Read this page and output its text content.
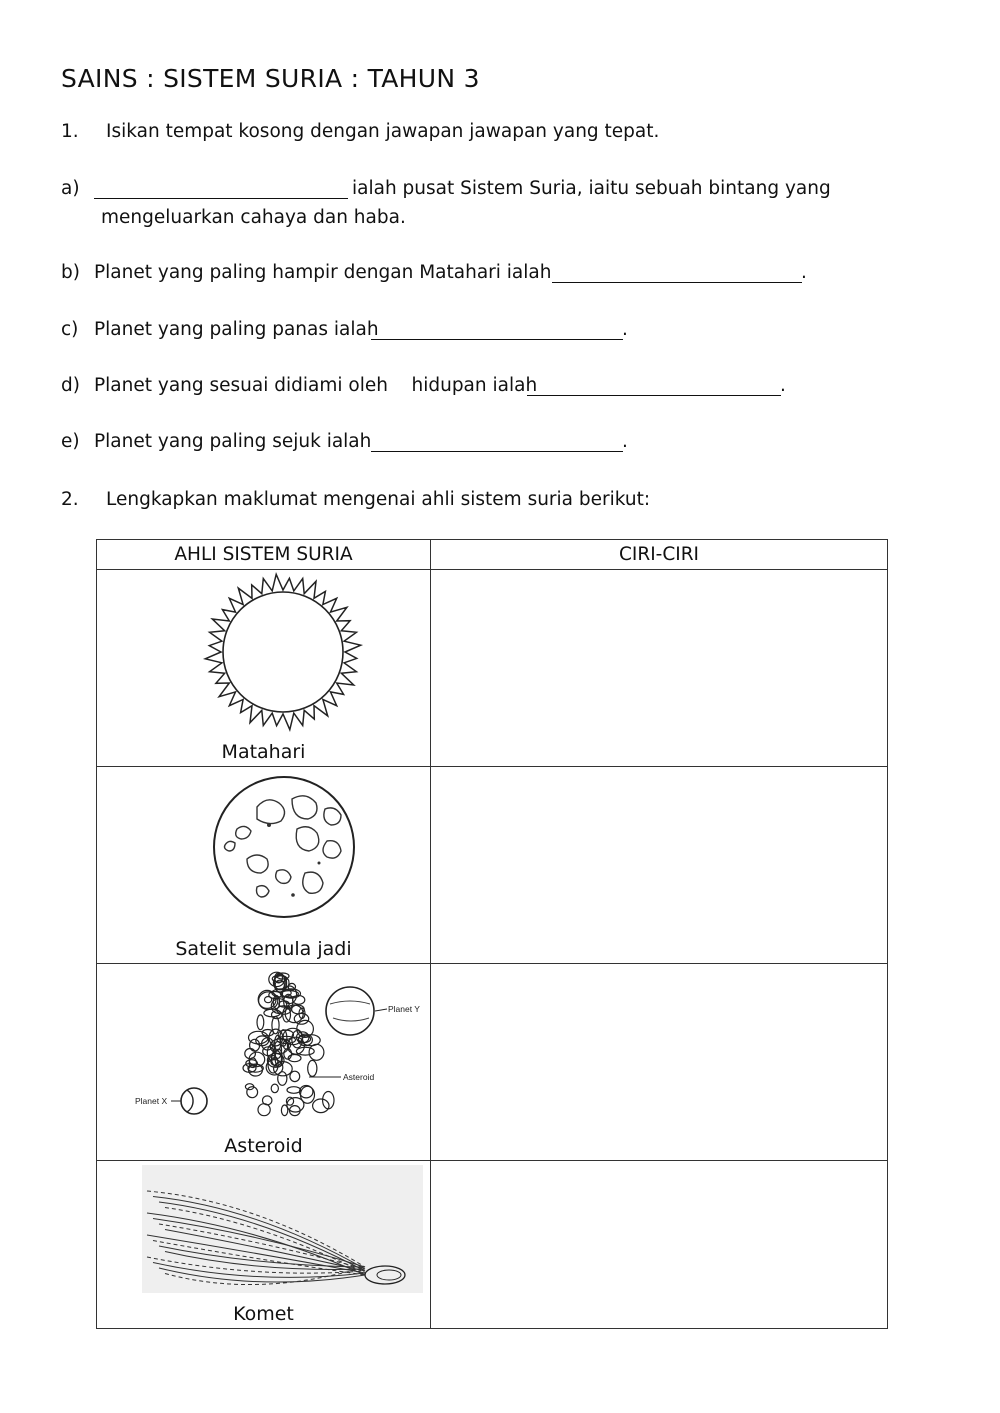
SAINS : SISTEM SURIA : TAHUN 3
1. Isikan tempat kosong dengan jawapan jawapan yang tepat.
a)	ialah pusat Sistem Suria, iaitu sebuah bintang yang
mengeluarkan cahaya dan haba.
b) Planet yang paling hampir dengan Matahari ialah	.
c) Planet yang paling panas ialah	.
d) Planet yang sesuai didiami oleh    hidupan ialah	.
e) Planet yang paling sejuk ialah	.
2. Lengkapkan maklumat mengenai ahli sistem suria berikut:
AHLI SISTEM SURIA	CIRI-CIRI

Matahari	

Satelit semula jadi	

Planet Y
Asteroid
Planet X
Asteroid	

Komet	
